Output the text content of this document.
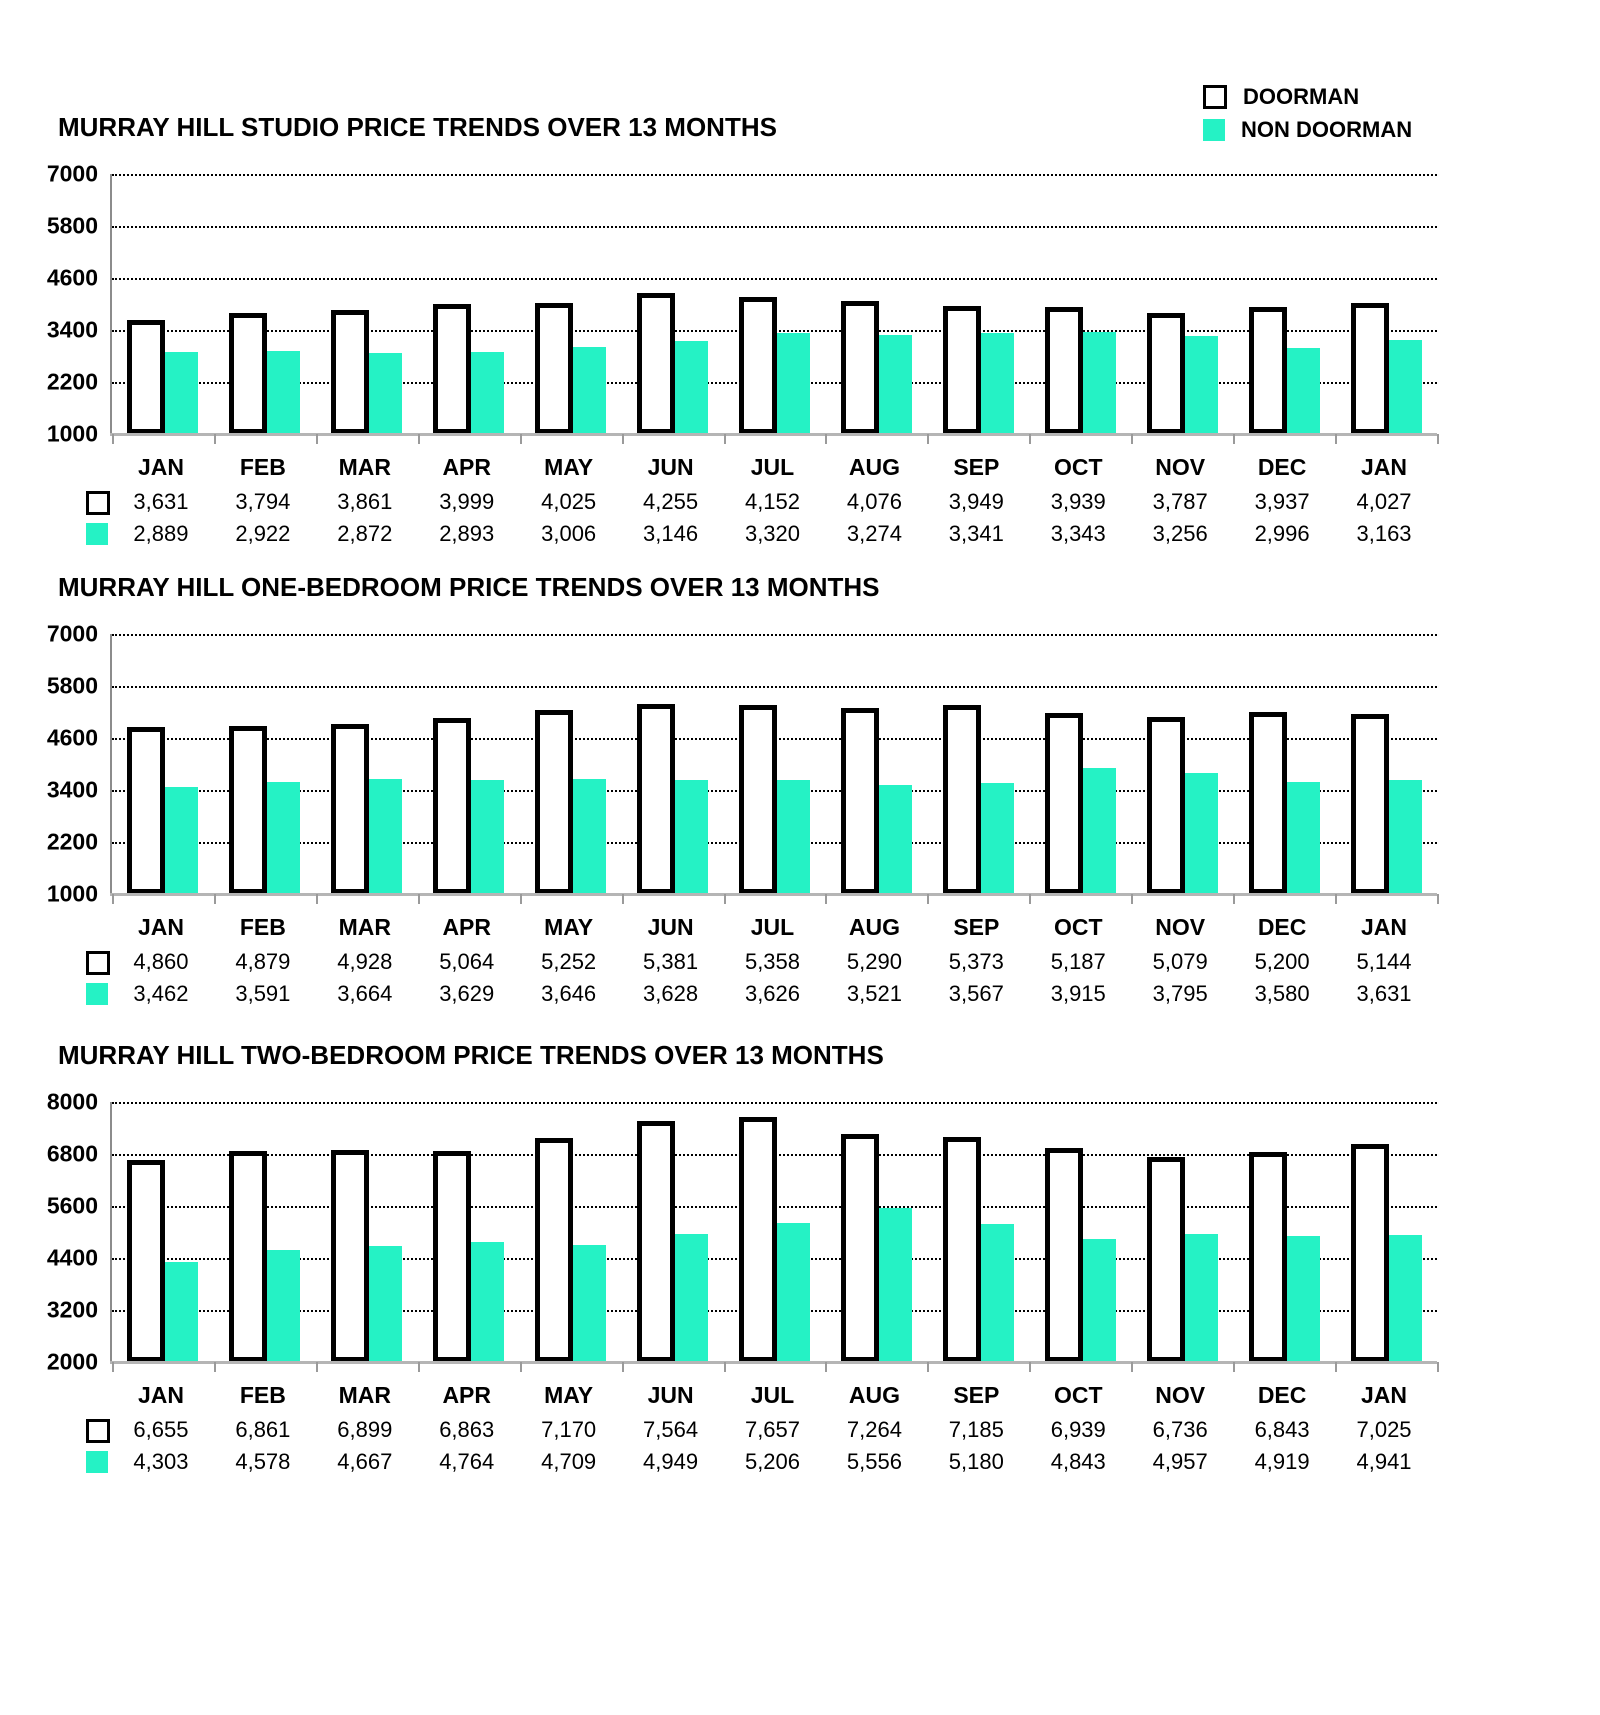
DOORMAN
NON DOORMAN
MURRAY HILL STUDIO PRICE TRENDS OVER 13 MONTHS
7000
5800
4600
3400
2200
1000
JAN	FEB	MAR	APR	MAY	JUN	JUL	AUG	SEP	OCT	NOV	DEC	JAN
3,631	3,794	3,861	3,999	4,025	4,255	4,152	4,076	3,949	3,939	3,787	3,937	4,027
2,889	2,922	2,872	2,893	3,006	3,146	3,320	3,274	3,341	3,343	3,256	2,996	3,163
MURRAY HILL ONE-BEDROOM PRICE TRENDS OVER 13 MONTHS
7000
5800
4600
3400
2200
1000
JAN	FEB	MAR	APR	MAY	JUN	JUL	AUG	SEP	OCT	NOV	DEC	JAN
4,860	4,879	4,928	5,064	5,252	5,381	5,358	5,290	5,373	5,187	5,079	5,200	5,144
3,462	3,591	3,664	3,629	3,646	3,628	3,626	3,521	3,567	3,915	3,795	3,580	3,631
MURRAY HILL TWO-BEDROOM PRICE TRENDS OVER 13 MONTHS
8000
6800
5600
4400
3200
2000
JAN	FEB	MAR	APR	MAY	JUN	JUL	AUG	SEP	OCT	NOV	DEC	JAN
6,655	6,861	6,899	6,863	7,170	7,564	7,657	7,264	7,185	6,939	6,736	6,843	7,025
4,303	4,578	4,667	4,764	4,709	4,949	5,206	5,556	5,180	4,843	4,957	4,919	4,941
